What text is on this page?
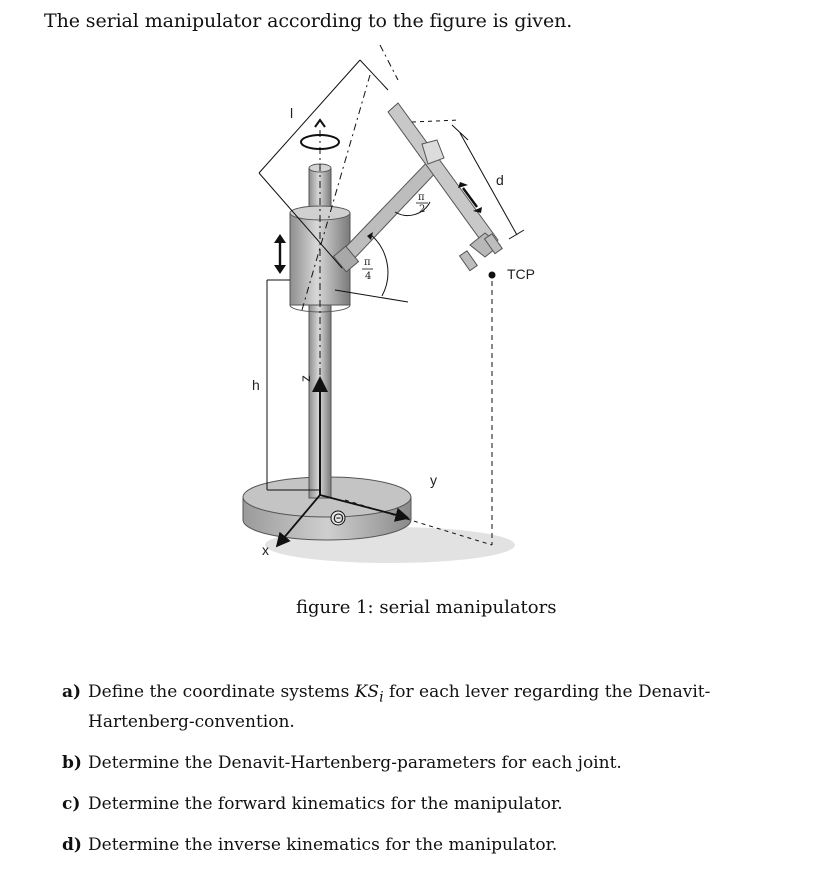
The serial manipulator according to the figure is given.
l
d
π
2
π
4	TCP
h	z
y
x
Θ
figure 1: serial manipulators
a) Define the coordinate systems $KS_i$ for each lever regarding the Denavit-Hartenberg-convention.
b) Determine the Denavit-Hartenberg-parameters for each joint.
c) Determine the forward kinematics for the manipulator.
d) Determine the inverse kinematics for the manipulator.
